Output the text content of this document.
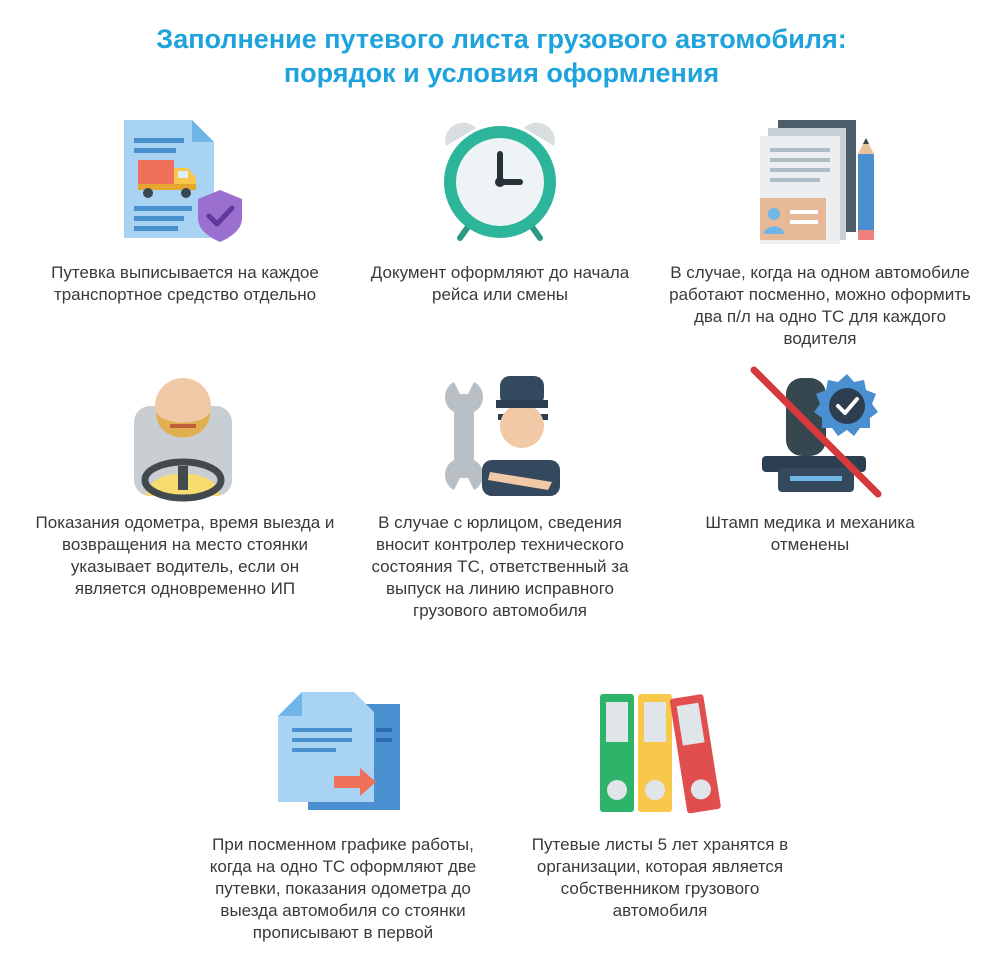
Заполнение путевого листа грузового автомобиля:
порядок и условия оформления
Путевка выписывается на каждое транспортное средство отдельно
Документ оформляют до начала рейса или смены
В случае, когда на одном автомобиле работают посменно, можно оформить два п/л на одно ТС для каждого водителя
Показания одометра, время выезда и возвращения на место стоянки указывает водитель, если он является одновременно ИП
В случае с юрлицом, сведения вносит контролер технического состояния ТС, ответственный за выпуск на линию исправного грузового автомобиля
Штамп медика и механика отменены
При посменном графике работы, когда на одно ТС оформляют две путевки, показания одометра до выезда автомобиля со стоянки прописывают в первой
Путевые листы 5 лет хранятся в организации, которая является собственником грузового автомобиля
